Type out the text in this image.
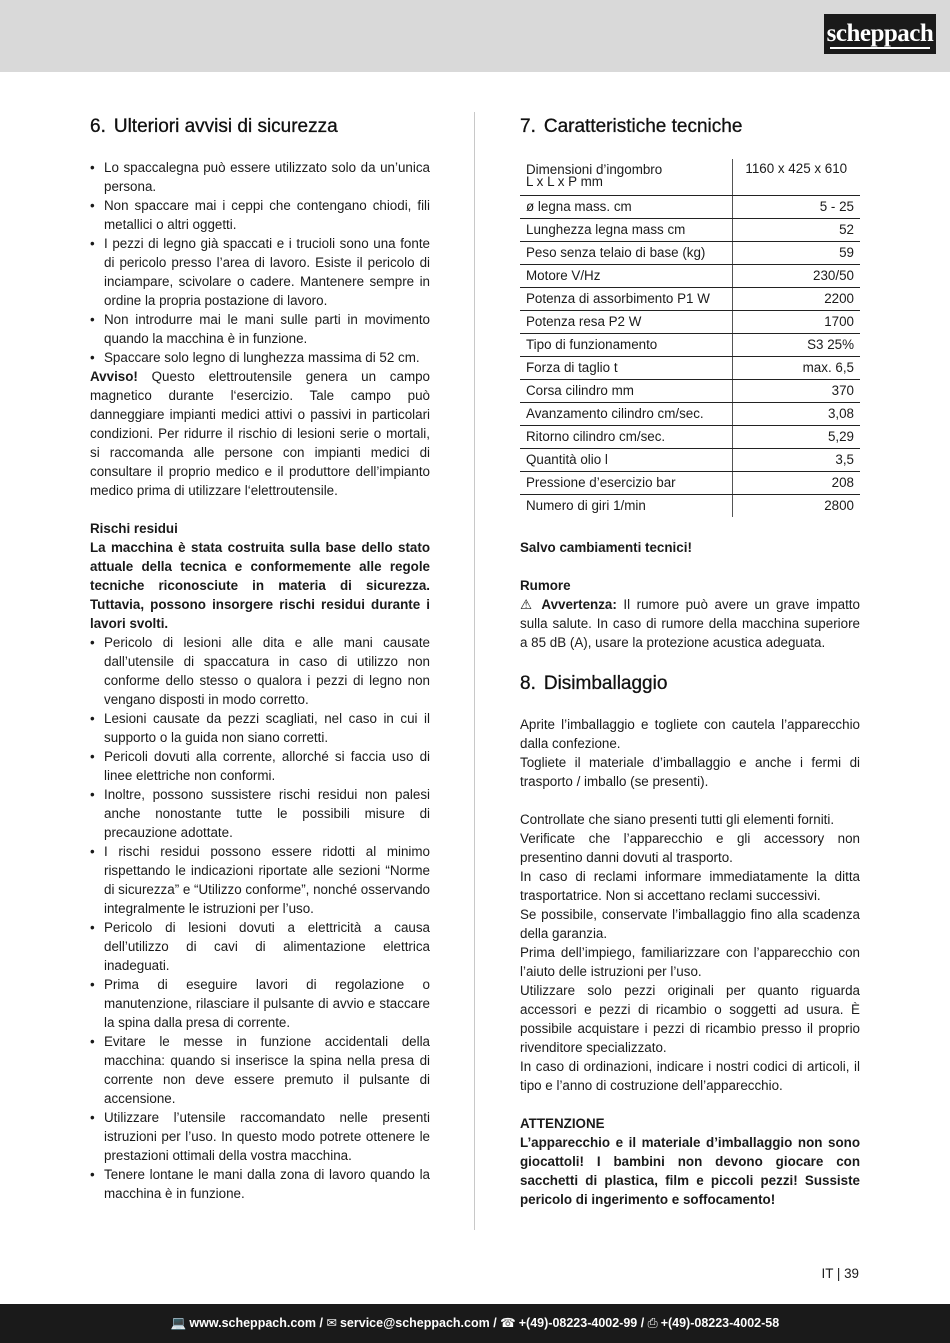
scheppach
6. Ulteriori avvisi di sicurezza
• Lo spaccalegna può essere utilizzato solo da un’unica persona.
• Non spaccare mai i ceppi che contengano chiodi, fili metallici o altri oggetti.
• I pezzi di legno già spaccati e i trucioli sono una fonte di pericolo presso l’area di lavoro. Esiste il pericolo di inciampare, scivolare o cadere. Mantenere sempre in ordine la propria postazione di lavoro.
• Non introdurre mai le mani sulle parti in movimento quando la macchina è in funzione.
• Spaccare solo legno di lunghezza massima di 52 cm.

Avviso! Questo elettroutensile genera un campo magnetico durante l‘esercizio. Tale campo può danneggiare impianti medici attivi o passivi in particolari condizioni. Per ridurre il rischio di lesioni serie o mortali, si raccomanda alle persone con impianti medici di consultare il proprio medico e il produttore dell’impianto medico prima di utilizzare l‘elettroutensile.

Rischi residui

La macchina è stata costruita sulla base dello stato attuale della tecnica e conformemente alle regole tecniche riconosciute in materia di sicurezza. Tuttavia, possono insorgere rischi residui durante i lavori svolti.

• Pericolo di lesioni alle dita e alle mani causate dall’utensile di spaccatura in caso di utilizzo non conforme dello stesso o qualora i pezzi di legno non vengano disposti in modo corretto.
• Lesioni causate da pezzi scagliati, nel caso in cui il supporto o la guida non siano corretti.
• Pericoli dovuti alla corrente, allorché si faccia uso di linee elettriche non conformi.
• Inoltre, possono sussistere rischi residui non palesi anche nonostante tutte le possibili misure di precauzione adottate.
• I rischi residui possono essere ridotti al minimo rispettando le indicazioni riportate alle sezioni “Norme di sicurezza” e “Utilizzo conforme”, nonché osservando integralmente le istruzioni per l’uso.
• Pericolo di lesioni dovuti a elettricità a causa dell’utilizzo di cavi di alimentazione elettrica inadeguati.
• Prima di eseguire lavori di regolazione o manutenzione, rilasciare il pulsante di avvio e staccare la spina dalla presa di corrente.
• Evitare le messe in funzione accidentali della macchina: quando si inserisce la spina nella presa di corrente non deve essere premuto il pulsante di accensione.
• Utilizzare l’utensile raccomandato nelle presenti istruzioni per l’uso. In questo modo potrete ottenere le prestazioni ottimali della vostra macchina.
• Tenere lontane le mani dalla zona di lavoro quando la macchina è in funzione.
7. Caratteristiche tecniche
Dimensioni d’ingombro
L x L x P mm	1160 x 425 x 610
ø legna mass. cm	5 - 25
Lunghezza legna mass cm	52
Peso senza telaio di base (kg)	59
Motore V/Hz	230/50
Potenza di assorbimento P1 W	2200
Potenza resa P2 W	1700
Tipo di funzionamento	S3 25%
Forza di taglio t	max. 6,5
Corsa cilindro mm	370
Avanzamento cilindro cm/sec.	3,08
Ritorno cilindro cm/sec.	5,29
Quantità olio l	3,5
Pressione d’esercizio bar	208
Numero di giri 1/min	2800

Salvo cambiamenti tecnici!

Rumore

⚠ Avvertenza: Il rumore può avere un grave impatto sulla salute. In caso di rumore della macchina superiore a 85 dB (A), usare la protezione acustica adeguata.

8. Disimballaggio

Aprite l’imballaggio e togliete con cautela l’apparecchio dalla confezione.

Togliete il materiale d’imballaggio e anche i fermi di trasporto / imballo (se presenti).

Controllate che siano presenti tutti gli elementi forniti.

Verificate che l’apparecchio e gli accessory non presentino danni dovuti al trasporto.

In caso di reclami informare immediatamente la ditta trasportatrice. Non si accettano reclami successivi.

Se possibile, conservate l’imballaggio fino alla scadenza della garanzia.

Prima dell’impiego, familiarizzare con l’apparecchio con l’aiuto delle istruzioni per l’uso.

Utilizzare solo pezzi originali per quanto riguarda accessori e pezzi di ricambio o soggetti ad usura. È possibile acquistare i pezzi di ricambio presso il proprio rivenditore specializzato.

In caso di ordinazioni, indicare i nostri codici di articoli, il tipo e l’anno di costruzione dell’apparecchio.

ATTENZIONE

L’apparecchio e il materiale d’imballaggio non sono giocattoli! I bambini non devono giocare con sacchetti di plastica, film e piccoli pezzi! Sussiste pericolo di ingerimento e soffocamento!

IT | 39
💻 www.scheppach.com / ✉ service@scheppach.com / ☎ +(49)-08223-4002-99 / ⎙ +(49)-08223-4002-58
